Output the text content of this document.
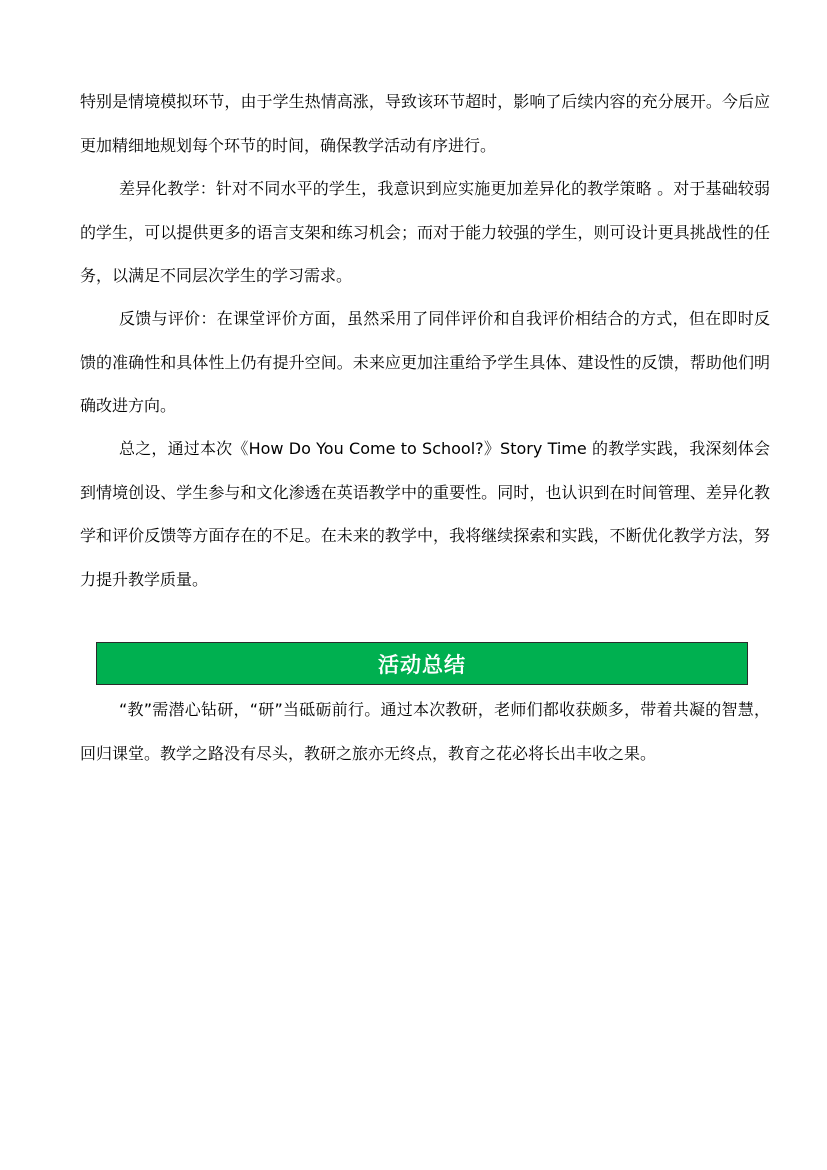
特别是情境模拟环节，由于学生热情高涨，导致该环节超时，影响了后续内容的充分展开。今后应更加精细地规划每个环节的时间，确保教学活动有序进行。

差异化教学：针对不同水平的学生，我意识到应实施更加差异化的教学策略 。对于基础较弱的学生，可以提供更多的语言支架和练习机会；而对于能力较强的学生，则可设计更具挑战性的任务，以满足不同层次学生的学习需求。

反馈与评价：在课堂评价方面，虽然采用了同伴评价和自我评价相结合的方式，但在即时反馈的准确性和具体性上仍有提升空间。未来应更加注重给予学生具体、建设性的反馈，帮助他们明确改进方向。

总之，通过本次《How Do You Come to School?》Story Time 的教学实践，我深刻体会到情境创设、学生参与和文化渗透在英语教学中的重要性。同时，也认识到在时间管理、差异化教学和评价反馈等方面存在的不足。在未来的教学中，我将继续探索和实践，不断优化教学方法，努力提升教学质量。

活动总结

“教”需潜心钻研，“研”当砥砺前行。通过本次教研，老师们都收获颇多，带着共凝的智慧，回归课堂。教学之路没有尽头，教研之旅亦无终点，教育之花必将长出丰收之果。
